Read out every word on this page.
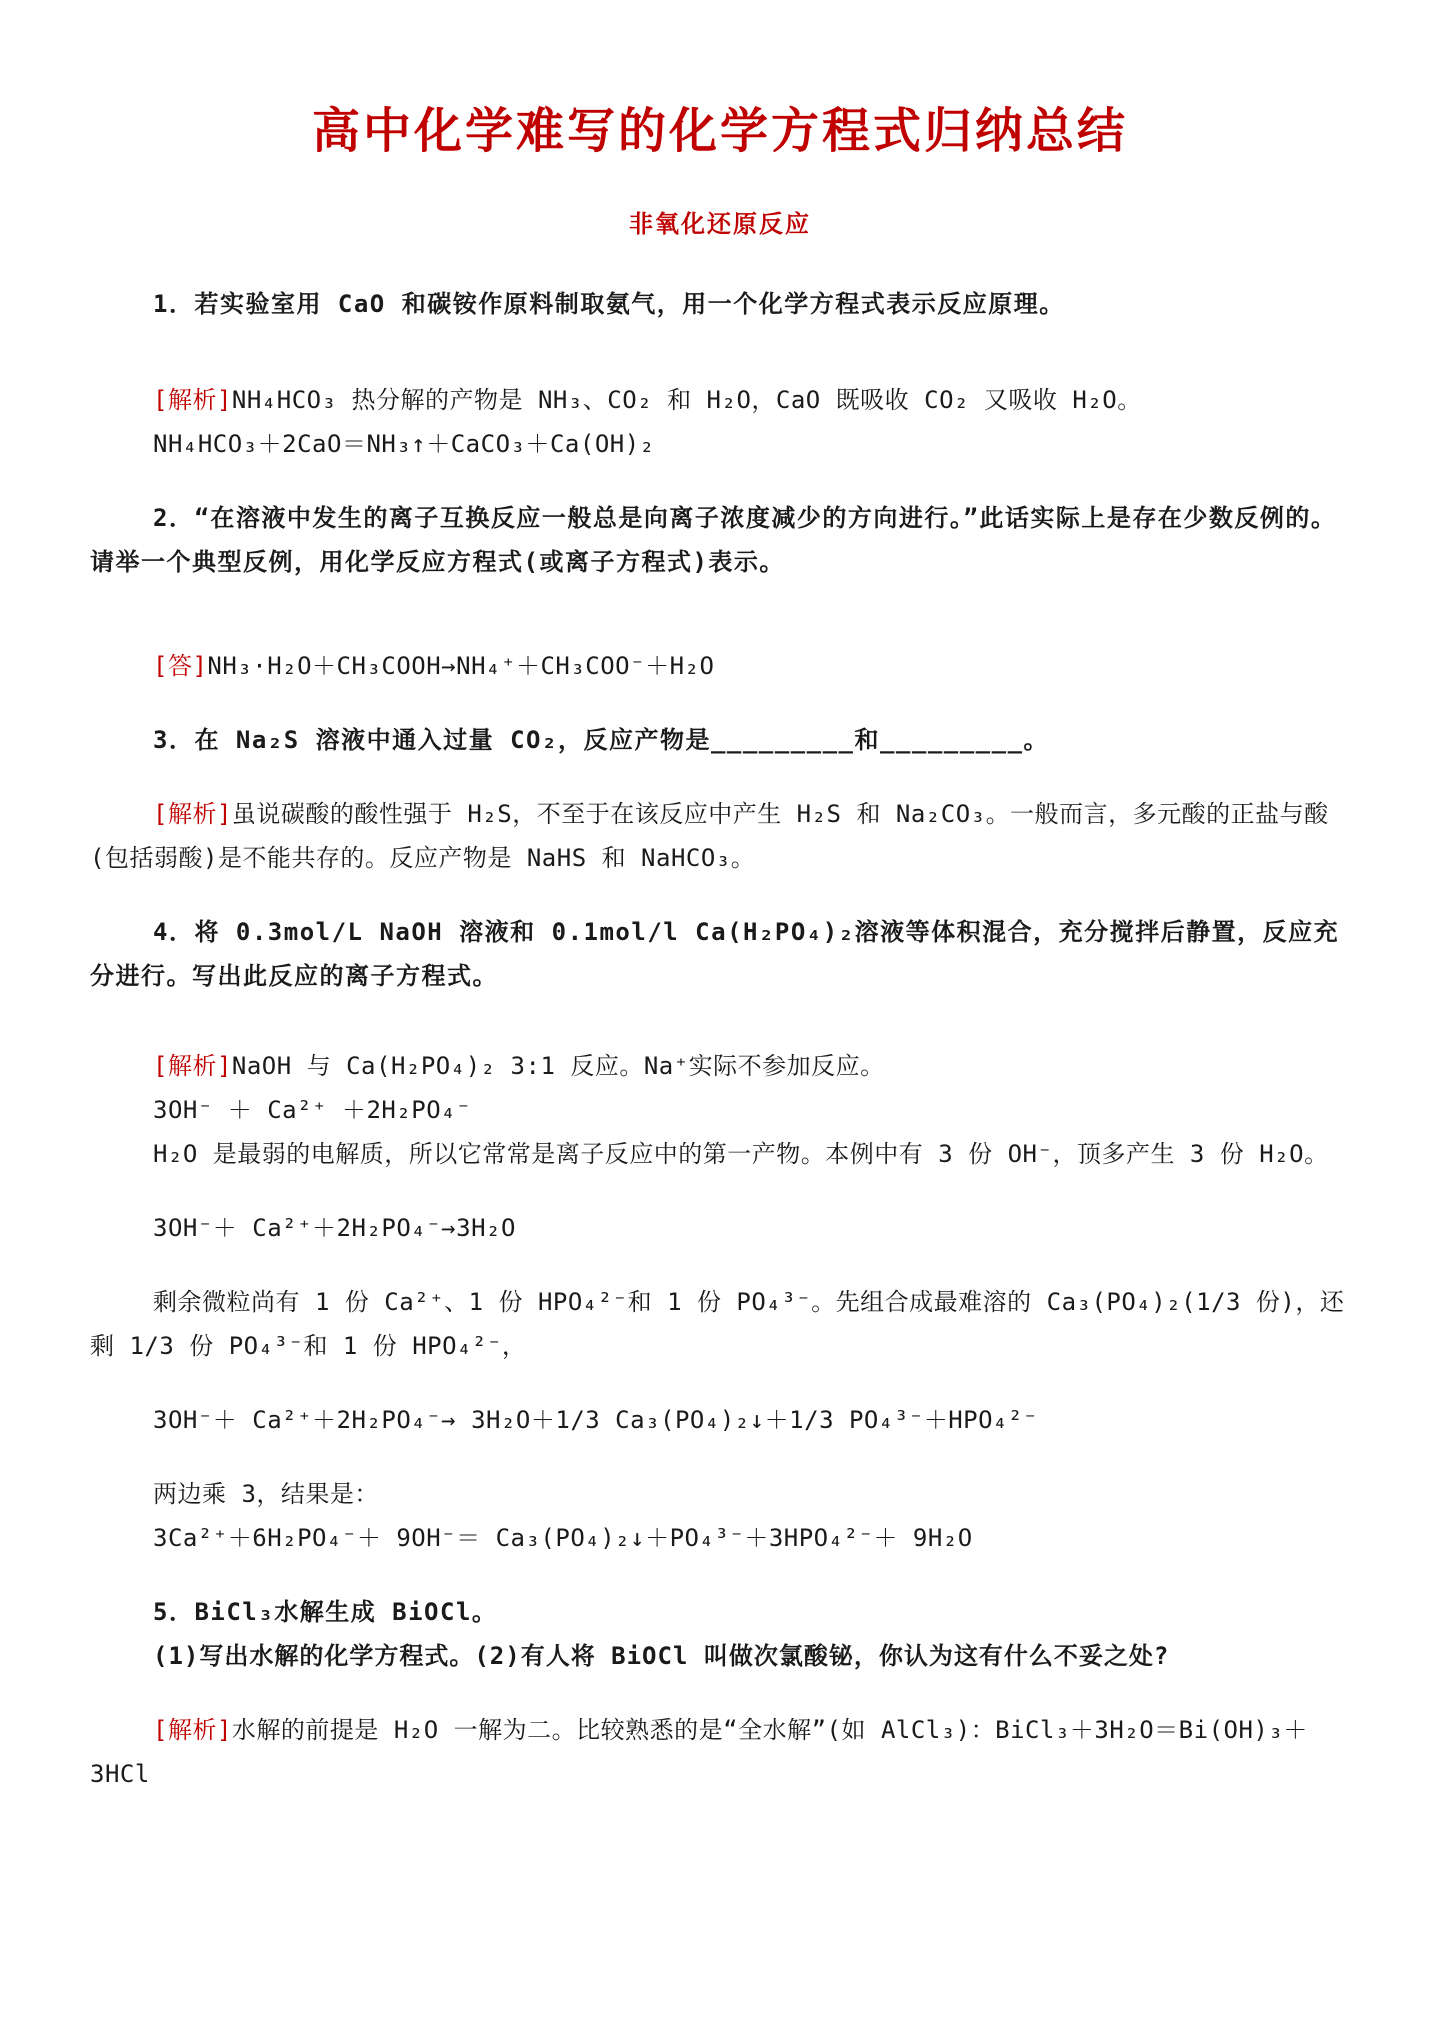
高中化学难写的化学方程式归纳总结
非氧化还原反应

1．若实验室用 CaO 和碳铵作原料制取氨气，用一个化学方程式表示反应原理。

[解析]NH₄HCO₃ 热分解的产物是 NH₃、CO₂ 和 H₂O，CaO 既吸收 CO₂ 又吸收 H₂O。

NH₄HCO₃＋2CaO＝NH₃↑＋CaCO₃＋Ca(OH)₂

2．“在溶液中发生的离子互换反应一般总是向离子浓度减少的方向进行。”此话实际上是存在少数反例的。请举一个典型反例，用化学反应方程式(或离子方程式)表示。

[答]NH₃·H₂O＋CH₃COOH→NH₄⁺＋CH₃COO⁻＋H₂O

3．在 Na₂S 溶液中通入过量 CO₂，反应产物是_________和_________。

[解析]虽说碳酸的酸性强于 H₂S，不至于在该反应中产生 H₂S 和 Na₂CO₃。一般而言，多元酸的正盐与酸(包括弱酸)是不能共存的。反应产物是 NaHS 和 NaHCO₃。

4．将 0.3mol/L NaOH 溶液和 0.1mol/l Ca(H₂PO₄)₂溶液等体积混合，充分搅拌后静置，反应充分进行。写出此反应的离子方程式。

[解析]NaOH 与 Ca(H₂PO₄)₂ 3:1 反应。Na⁺实际不参加反应。

3OH⁻ ＋ Ca²⁺ ＋2H₂PO₄⁻

H₂O 是最弱的电解质，所以它常常是离子反应中的第一产物。本例中有 3 份 OH⁻，顶多产生 3 份 H₂O。

3OH⁻＋ Ca²⁺＋2H₂PO₄⁻→3H₂O

剩余微粒尚有 1 份 Ca²⁺、1 份 HPO₄²⁻和 1 份 PO₄³⁻。先组合成最难溶的 Ca₃(PO₄)₂(1/3 份)，还剩 1/3 份 PO₄³⁻和 1 份 HPO₄²⁻，

3OH⁻＋ Ca²⁺＋2H₂PO₄⁻→ 3H₂O＋1/3 Ca₃(PO₄)₂↓＋1/3 PO₄³⁻＋HPO₄²⁻

两边乘 3，结果是：

3Ca²⁺＋6H₂PO₄⁻＋ 9OH⁻＝ Ca₃(PO₄)₂↓＋PO₄³⁻＋3HPO₄²⁻＋ 9H₂O

5．BiCl₃水解生成 BiOCl。

(1)写出水解的化学方程式。(2)有人将 BiOCl 叫做次氯酸铋，你认为这有什么不妥之处?

[解析]水解的前提是 H₂O 一解为二。比较熟悉的是“全水解”(如 AlCl₃)：BiCl₃＋3H₂O＝Bi(OH)₃＋3HCl
